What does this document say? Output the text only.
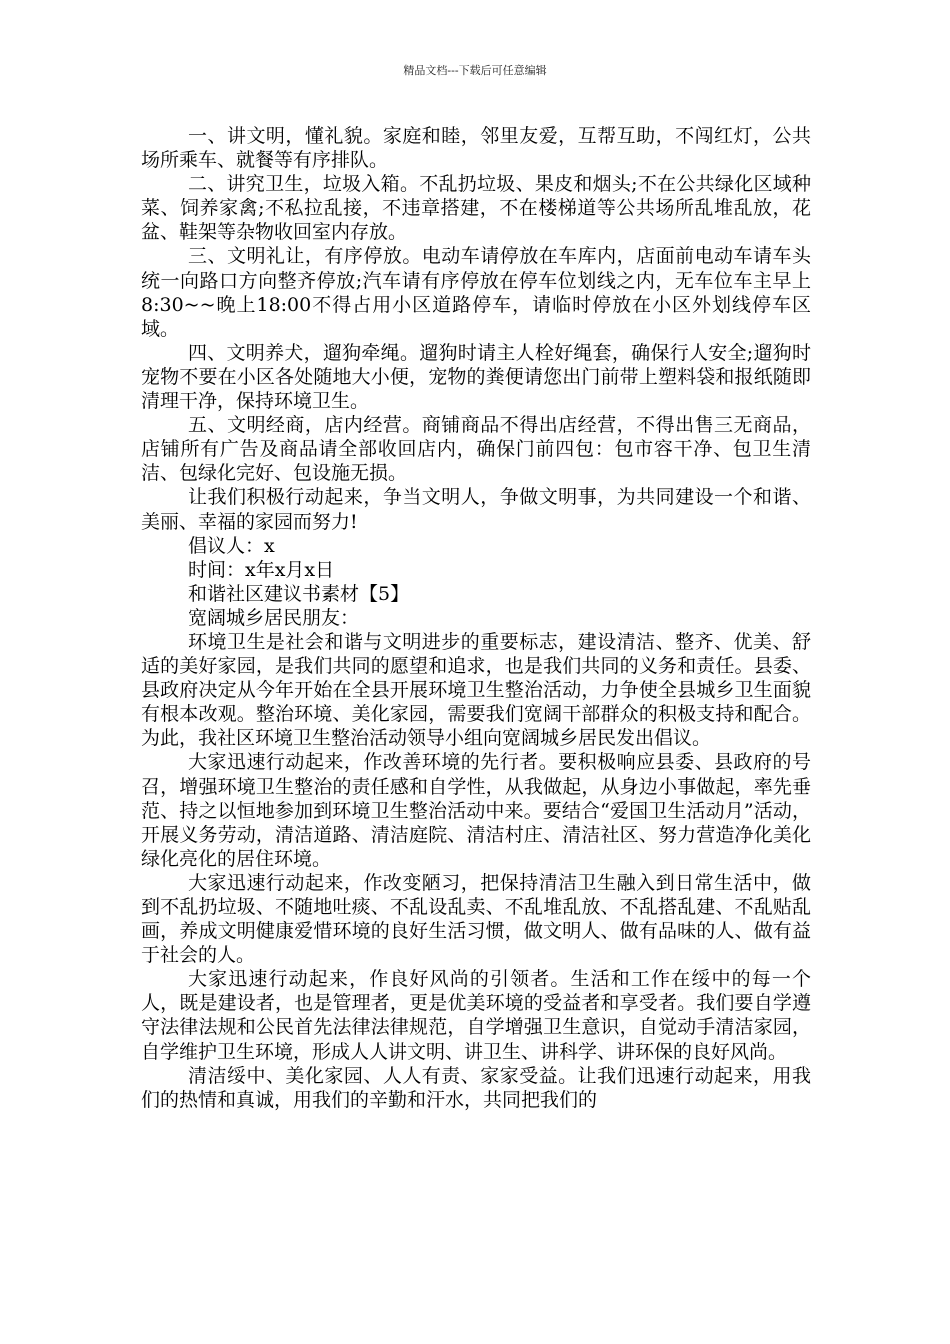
精品文档---下载后可任意编辑

一、讲文明，懂礼貌。家庭和睦，邻里友爱，互帮互助，不闯红灯，公共场所乘车、就餐等有序排队。

二、讲究卫生，垃圾入箱。不乱扔垃圾、果皮和烟头;不在公共绿化区域种菜、饲养家禽;不私拉乱接，不违章搭建，不在楼梯道等公共场所乱堆乱放，花盆、鞋架等杂物收回室内存放。

三、文明礼让，有序停放。电动车请停放在车库内，店面前电动车请车头统一向路口方向整齐停放;汽车请有序停放在停车位划线之内，无车位车主早上8:30~~晚上18:00不得占用小区道路停车，请临时停放在小区外划线停车区域。

四、文明养犬，遛狗牵绳。遛狗时请主人栓好绳套，确保行人安全;遛狗时宠物不要在小区各处随地大小便，宠物的粪便请您出门前带上塑料袋和报纸随即清理干净，保持环境卫生。

五、文明经商，店内经营。商铺商品不得出店经营，不得出售三无商品，店铺所有广告及商品请全部收回店内，确保门前四包：包市容干净、包卫生清洁、包绿化完好、包设施无损。

让我们积极行动起来，争当文明人，争做文明事，为共同建设一个和谐、美丽、幸福的家园而努力!

倡议人：x

时间：x年x月x日

和谐社区建议书素材【5】

宽阔城乡居民朋友：

环境卫生是社会和谐与文明进步的重要标志，建设清洁、整齐、优美、舒适的美好家园，是我们共同的愿望和追求，也是我们共同的义务和责任。县委、县政府决定从今年开始在全县开展环境卫生整治活动，力争使全县城乡卫生面貌有根本改观。整治环境、美化家园，需要我们宽阔干部群众的积极支持和配合。为此，我社区环境卫生整治活动领导小组向宽阔城乡居民发出倡议。

大家迅速行动起来，作改善环境的先行者。要积极响应县委、县政府的号召，增强环境卫生整治的责任感和自学性，从我做起，从身边小事做起，率先垂范、持之以恒地参加到环境卫生整治活动中来。要结合“爱国卫生活动月”活动，开展义务劳动，清洁道路、清洁庭院、清洁村庄、清洁社区、努力营造净化美化绿化亮化的居住环境。

大家迅速行动起来，作改变陋习，把保持清洁卫生融入到日常生活中，做到不乱扔垃圾、不随地吐痰、不乱设乱卖、不乱堆乱放、不乱搭乱建、不乱贴乱画，养成文明健康爱惜环境的良好生活习惯，做文明人、做有品味的人、做有益于社会的人。

大家迅速行动起来，作良好风尚的引领者。生活和工作在绥中的每一个人，既是建设者，也是管理者，更是优美环境的受益者和享受者。我们要自学遵守法律法规和公民首先法律法律规范，自学增强卫生意识，自觉动手清洁家园，自学维护卫生环境，形成人人讲文明、讲卫生、讲科学、讲环保的良好风尚。

清洁绥中、美化家园、人人有责、家家受益。让我们迅速行动起来，用我们的热情和真诚，用我们的辛勤和汗水，共同把我们的
